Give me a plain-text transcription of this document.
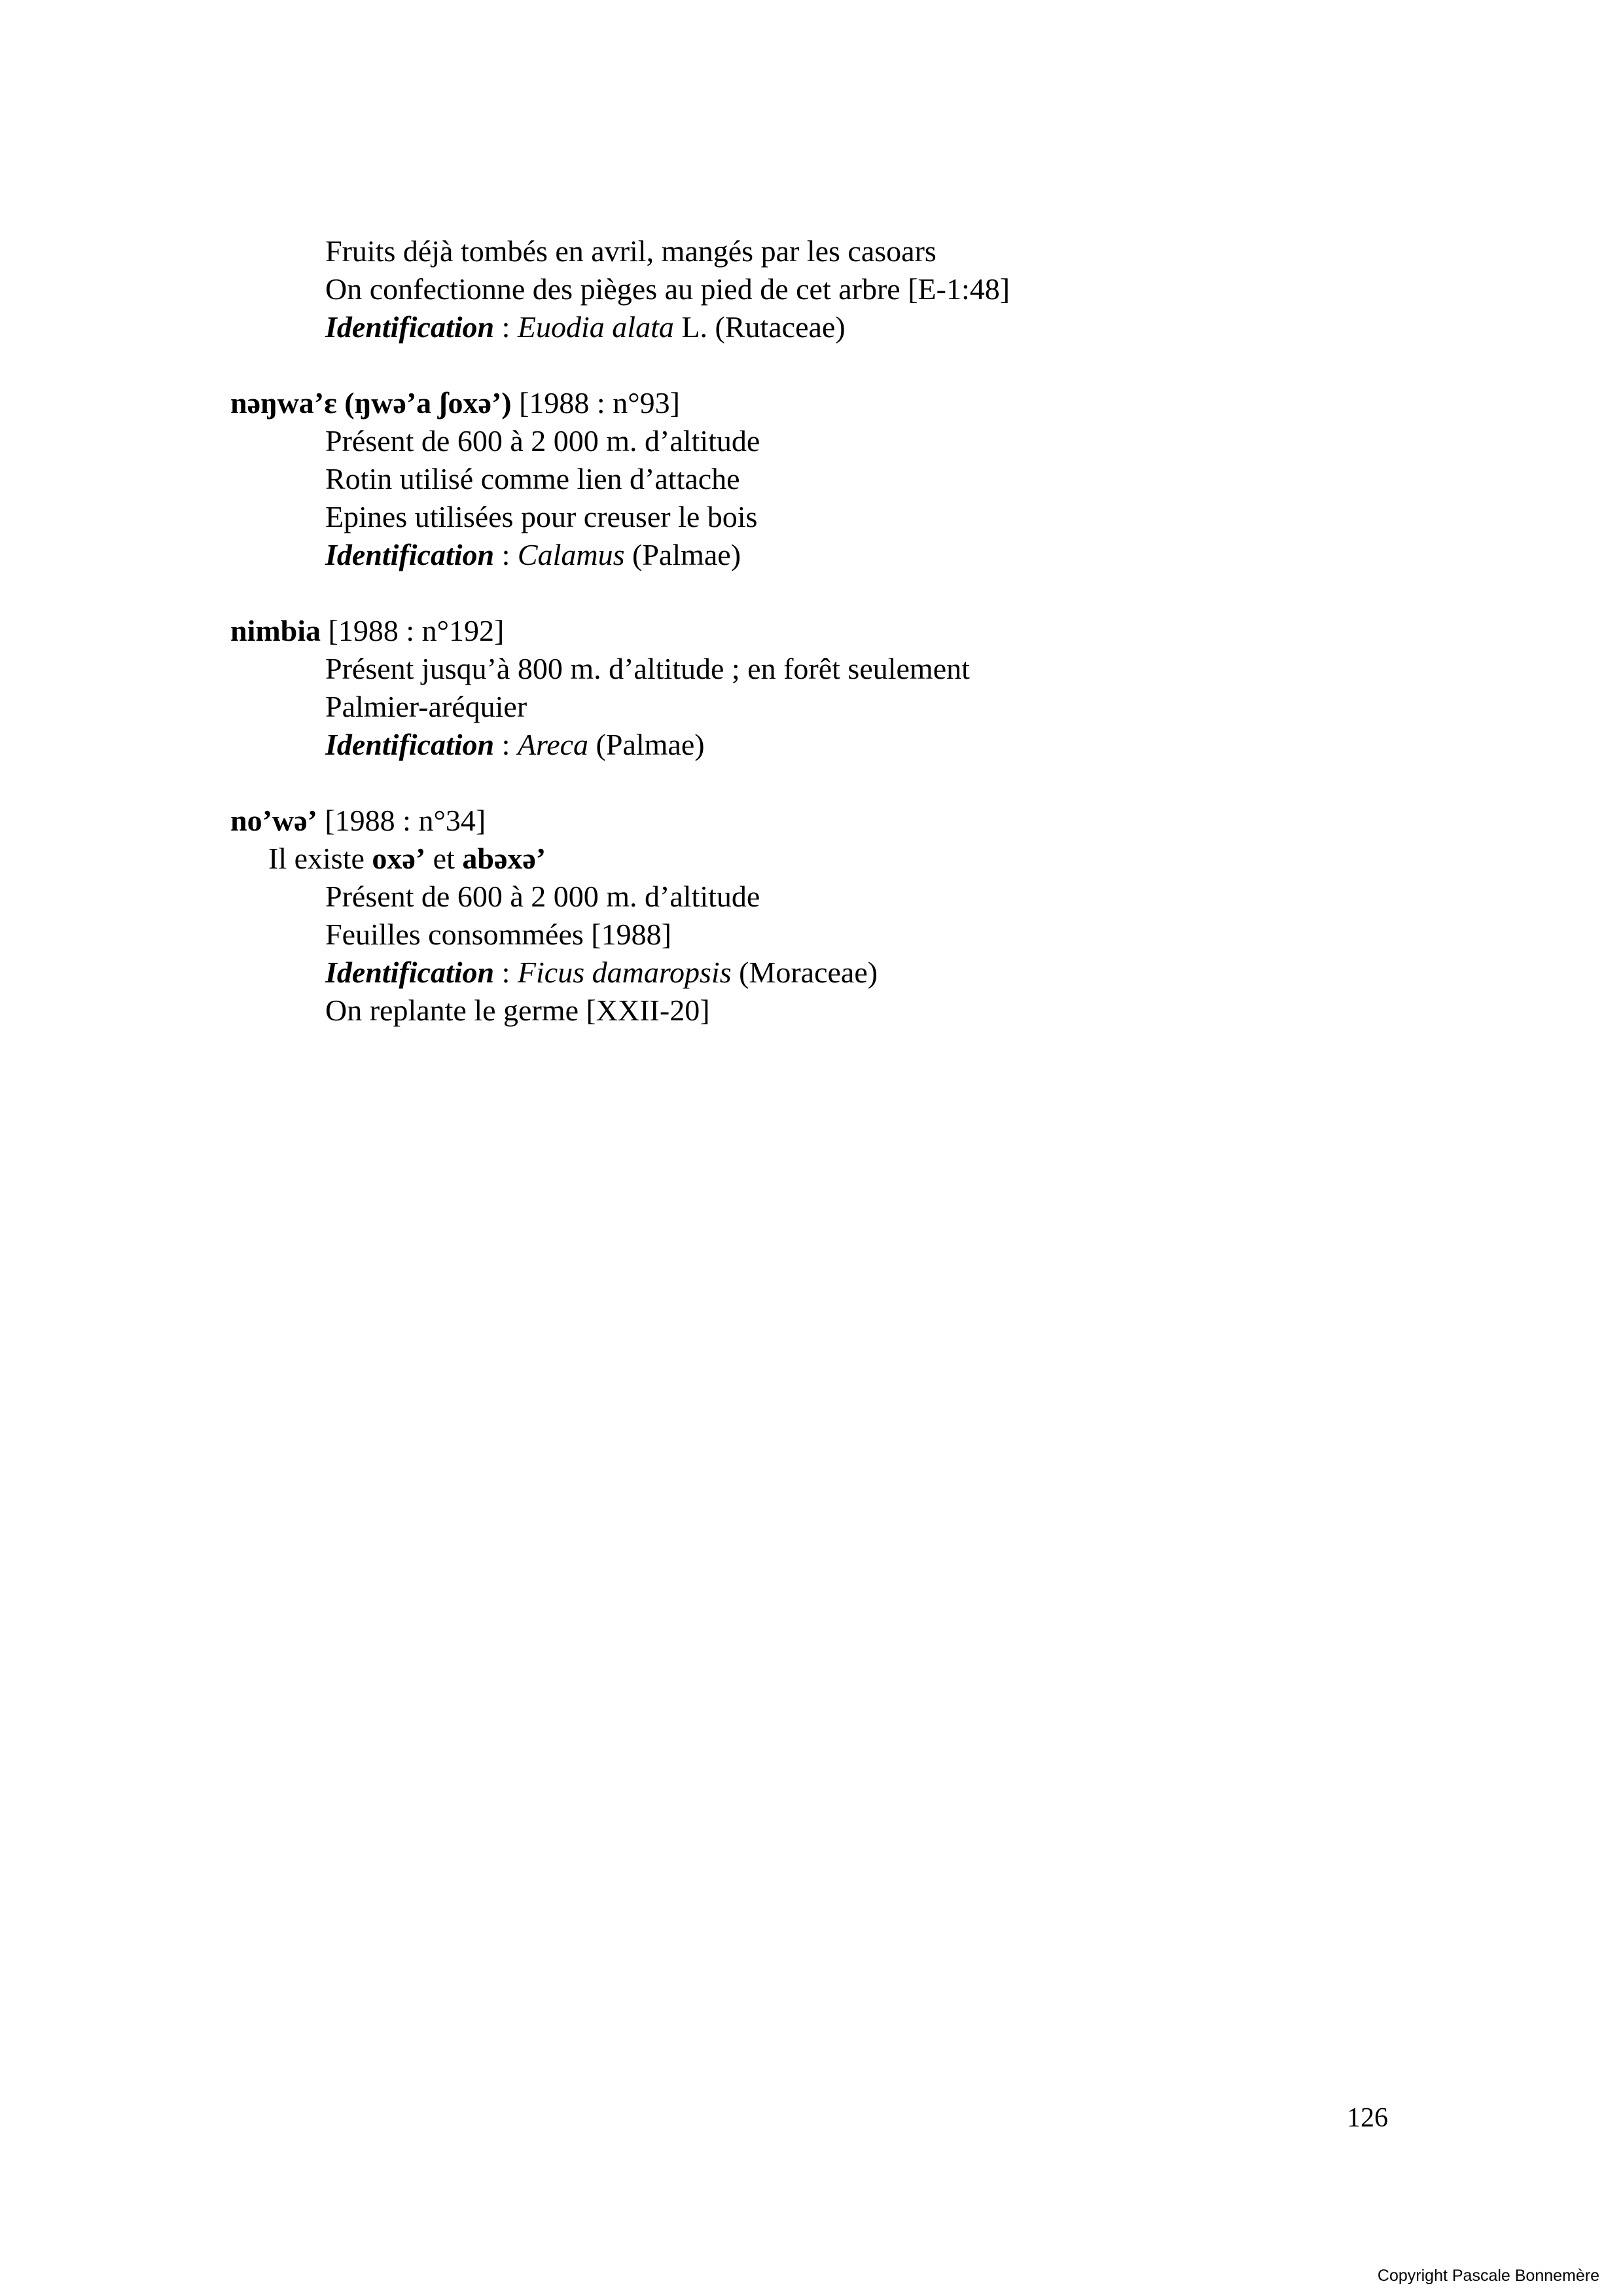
Fruits déjà tombés en avril, mangés par les casoars
On confectionne des pièges au pied de cet arbre [E-1:48]
Identification : Euodia alata L. (Rutaceae)
nəŋwa’ɛ (ŋwə’a ʃoxə’) [1988 : n°93]
Présent de 600 à 2 000 m. d’altitude
Rotin utilisé comme lien d’attache
Epines utilisées pour creuser le bois
Identification : Calamus (Palmae)
nimbia [1988 : n°192]
Présent jusqu’à 800 m. d’altitude ; en forêt seulement
Palmier-aréquier
Identification : Areca (Palmae)
no’wə’ [1988 : n°34]
Il existe oxə’ et abəxə’
Présent de 600 à 2 000 m. d’altitude
Feuilles consommées [1988]
Identification : Ficus damaropsis (Moraceae)
On replante le germe [XXII-20]
126
Copyright Pascale Bonnemère
